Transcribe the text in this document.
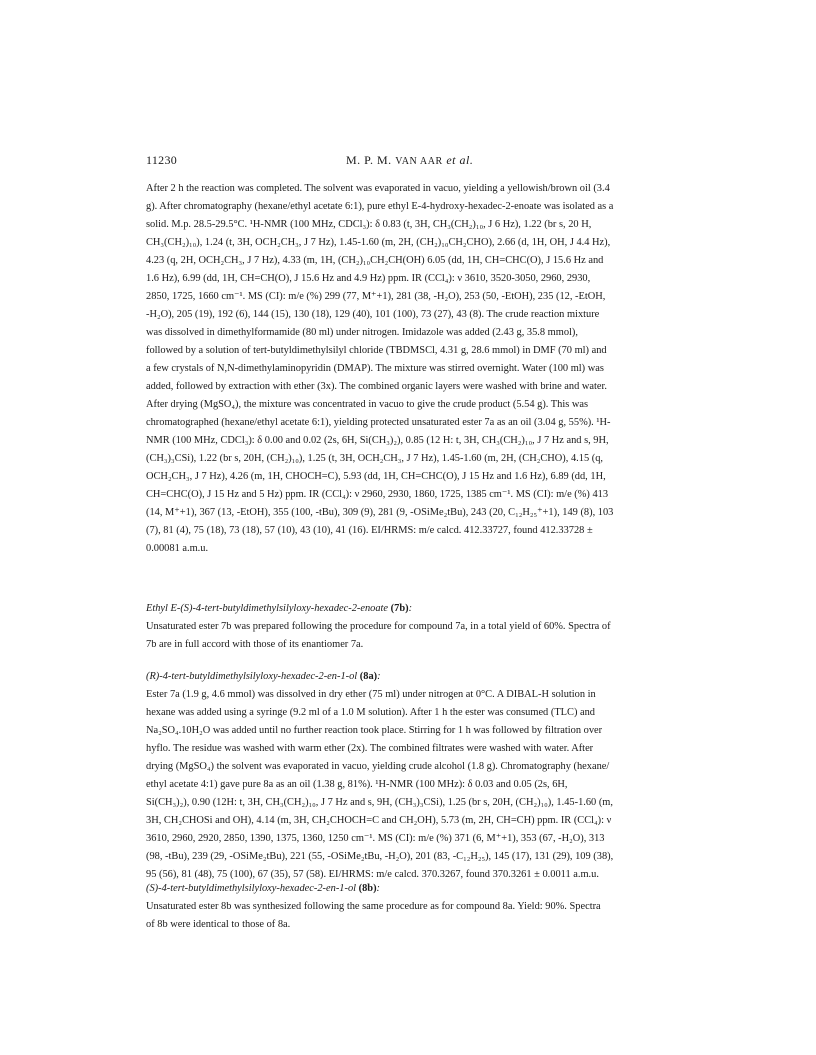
11230	M. P. M. VAN AAR et al.
After 2 h the reaction was completed. The solvent was evaporated in vacuo, yielding a yellowish/brown oil (3.4
g). After chromatography (hexane/ethyl acetate 6:1), pure ethyl E-4-hydroxy-hexadec-2-enoate was isolated as a
solid. M.p. 28.5-29.5°C. ¹H-NMR (100 MHz, CDCl₃): δ 0.83 (t, 3H, CH₃(CH₂)₁₀, J 6 Hz), 1.22 (br s, 20 H,
CH₃(CH₂)₁₀), 1.24 (t, 3H, OCH₂CH₃, J 7 Hz), 1.45-1.60 (m, 2H, (CH₂)₁₀CH₂CHO), 2.66 (d, 1H, OH, J 4.4 Hz),
4.23 (q, 2H, OCH₂CH₃, J 7 Hz), 4.33 (m, 1H, (CH₂)₁₀CH₂CH(OH) 6.05 (dd, 1H, CH=CHC(O), J 15.6 Hz and
1.6 Hz), 6.99 (dd, 1H, CH=CH(O), J 15.6 Hz and 4.9 Hz) ppm. IR (CCl₄): ν 3610, 3520-3050, 2960, 2930,
2850, 1725, 1660 cm⁻¹. MS (CI): m/e (%) 299 (77, M⁺+1), 281 (38, -H₂O), 253 (50, -EtOH), 235 (12, -EtOH,
-H₂O), 205 (19), 192 (6), 144 (15), 130 (18), 129 (40), 101 (100), 73 (27), 43 (8). The crude reaction mixture
was dissolved in dimethylformamide (80 ml) under nitrogen. Imidazole was added (2.43 g, 35.8 mmol),
followed by a solution of tert-butyldimethylsilyl chloride (TBDMSCl, 4.31 g, 28.6 mmol) in DMF (70 ml) and
a few crystals of N,N-dimethylaminopyridin (DMAP). The mixture was stirred overnight. Water (100 ml) was
added, followed by extraction with ether (3x). The combined organic layers were washed with brine and water.
After drying (MgSO₄), the mixture was concentrated in vacuo to give the crude product (5.54 g). This was
chromatographed (hexane/ethyl acetate 6:1), yielding protected unsaturated ester 7a as an oil (3.04 g, 55%). ¹H-
NMR (100 MHz, CDCl₃): δ 0.00 and 0.02 (2s, 6H, Si(CH₃)₂), 0.85 (12 H: t, 3H, CH₃(CH₂)₁₀, J 7 Hz and s, 9H,
(CH₃)₃CSi), 1.22 (br s, 20H, (CH₂)₁₀), 1.25 (t, 3H, OCH₂CH₃, J 7 Hz), 1.45-1.60 (m, 2H, (CH₂CHO), 4.15 (q,
OCH₂CH₃, J 7 Hz), 4.26 (m, 1H, CHOCH=C), 5.93 (dd, 1H, CH=CHC(O), J 15 Hz and 1.6 Hz), 6.89 (dd, 1H,
CH=CHC(O), J 15 Hz and 5 Hz) ppm. IR (CCl₄): ν 2960, 2930, 1860, 1725, 1385 cm⁻¹. MS (CI): m/e (%) 413
(14, M⁺+1), 367 (13, -EtOH), 355 (100, -tBu), 309 (9), 281 (9, -OSiMe₂tBu), 243 (20, C₁₂H₂₅⁺+1), 149 (8), 103
(7), 81 (4), 75 (18), 73 (18), 57 (10), 43 (10), 41 (16). EI/HRMS: m/e calcd. 412.33727, found 412.33728 ±
0.00081 a.m.u.
Ethyl E-(S)-4-tert-butyldimethylsilyloxy-hexadec-2-enoate (7b):
Unsaturated ester 7b was prepared following the procedure for compound 7a, in a total yield of 60%. Spectra of
7b are in full accord with those of its enantiomer 7a.
(R)-4-tert-butyldimethylsilyloxy-hexadec-2-en-1-ol (8a):
Ester 7a (1.9 g, 4.6 mmol) was dissolved in dry ether (75 ml) under nitrogen at 0°C. A DIBAL-H solution in
hexane was added using a syringe (9.2 ml of a 1.0 M solution). After 1 h the ester was consumed (TLC) and
Na₂SO₄.10H₂O was added until no further reaction took place. Stirring for 1 h was followed by filtration over
hyflo. The residue was washed with warm ether (2x). The combined filtrates were washed with water. After
drying (MgSO₄) the solvent was evaporated in vacuo, yielding crude alcohol (1.8 g). Chromatography (hexane/
ethyl acetate 4:1) gave pure 8a as an oil (1.38 g, 81%). ¹H-NMR (100 MHz): δ 0.03 and 0.05 (2s, 6H,
Si(CH₃)₂), 0.90 (12H: t, 3H, CH₃(CH₂)₁₀, J 7 Hz and s, 9H, (CH₃)₃CSi), 1.25 (br s, 20H, (CH₂)₁₀), 1.45-1.60 (m,
3H, CH₂CHOSi and OH), 4.14 (m, 3H, CH₂CHOCH=C and CH₂OH), 5.73 (m, 2H, CH=CH) ppm. IR (CCl₄): ν
3610, 2960, 2920, 2850, 1390, 1375, 1360, 1250 cm⁻¹. MS (CI): m/e (%) 371 (6, M⁺+1), 353 (67, -H₂O), 313
(98, -tBu), 239 (29, -OSiMe₂tBu), 221 (55, -OSiMe₂tBu, -H₂O), 201 (83, -C₁₂H₂₅), 145 (17), 131 (29), 109 (38),
95 (56), 81 (48), 75 (100), 67 (35), 57 (58). EI/HRMS: m/e calcd. 370.3267, found 370.3261 ± 0.0011 a.m.u.
(S)-4-tert-butyldimethylsilyloxy-hexadec-2-en-1-ol (8b):
Unsaturated ester 8b was synthesized following the same procedure as for compound 8a. Yield: 90%. Spectra
of 8b were identical to those of 8a.
